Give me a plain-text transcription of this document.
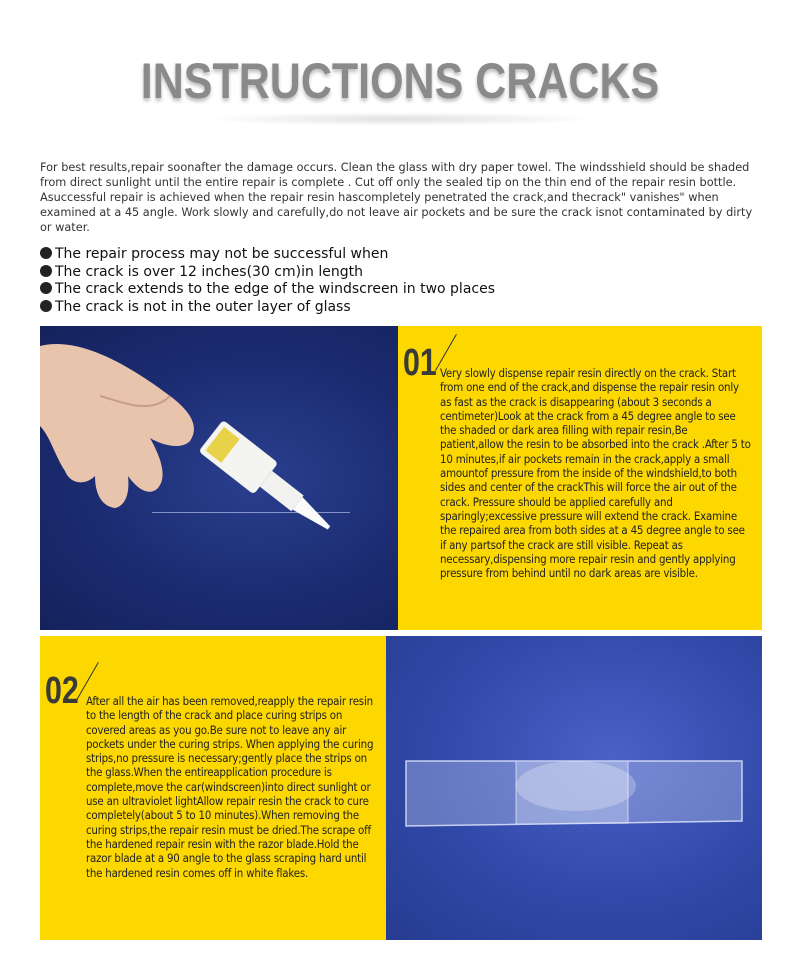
INSTRUCTIONS CRACKS
For best results,repair soonafter the damage occurs. Clean the glass with dry paper towel. The windsshield should be shaded from direct sunlight until the entire repair is complete . Cut off only the sealed tip on the thin end of the repair resin bottle. Asuccessful repair is achieved when the repair resin hascompletely penetrated the crack,and thecrack" vanishes" when examined at a 45 angle. Work slowly and carefully,do not leave air pockets and be sure the crack isnot contaminated by dirty or water.
The repair process may not be successful when
The crack is over 12 inches(30 cm)in length
The crack extends to the edge of the windscreen in two places
The crack is not in the outer layer of glass
01 Very slowly dispense repair resin directly on the crack. Start from one end of the crack,and dispense the repair resin only as fast as the crack is disappearing (about 3 seconds a centimeter)Look at the crack from a 45 degree angle to see the shaded or dark area filling with repair resin,Be patient,allow the resin to be absorbed into the crack .After 5 to 10 minutes,if air pockets remain in the crack,apply a small amountof pressure from the inside of the windshield,to both sides and center of the crackThis will force the air out of the crack. Pressure should be applied carefully and sparingly;excessive pressure will extend the crack. Examine the repaired area from both sides at a 45 degree angle to see if any partsof the crack are still visible. Repeat as necessary,dispensing more repair resin and gently applying pressure from behind until no dark areas are visible.
02 After all the air has been removed,reapply the repair resin to the length of the crack and place curing strips on covered areas as you go.Be sure not to leave any air pockets under the curing strips. When applying the curing strips,no pressure is necessary;gently place the strips on the glass.When the entireapplication procedure is complete,move the car(windscreen)into direct sunlight or use an ultraviolet lightAllow repair resin the crack to cure completely(about 5 to 10 minutes).When removing the curing strips,the repair resin must be dried.The scrape off the hardened repair resin with the razor blade.Hold the razor blade at a 90 angle to the glass scraping hard until the hardened resin comes off in white flakes.
